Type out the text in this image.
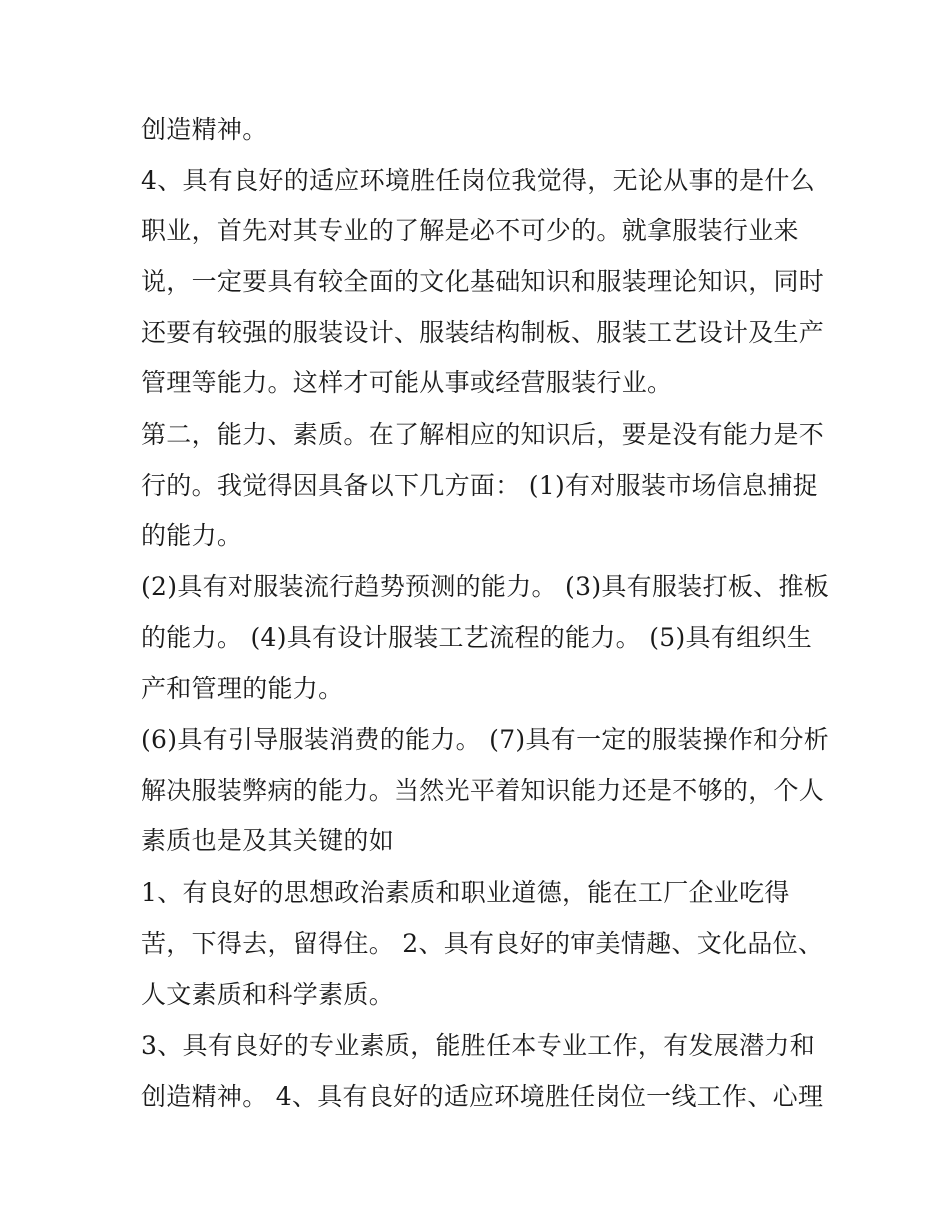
创造精神。
4、具有良好的适应环境胜任岗位我觉得，无论从事的是什么
职业，首先对其专业的了解是必不可少的。就拿服装行业来
说，一定要具有较全面的文化基础知识和服装理论知识，同时
还要有较强的服装设计、服装结构制板、服装工艺设计及生产
管理等能力。这样才可能从事或经营服装行业。
第二，能力、素质。在了解相应的知识后，要是没有能力是不
行的。我觉得因具备以下几方面： (1)有对服装市场信息捕捉
的能力。
(2)具有对服装流行趋势预测的能力。 (3)具有服装打板、推板
的能力。 (4)具有设计服装工艺流程的能力。 (5)具有组织生
产和管理的能力。
(6)具有引导服装消费的能力。 (7)具有一定的服装操作和分析
解决服装弊病的能力。当然光平着知识能力还是不够的，个人
素质也是及其关键的如
1、有良好的思想政治素质和职业道德，能在工厂企业吃得
苦，下得去，留得住。 2、具有良好的审美情趣、文化品位、
人文素质和科学素质。
3、具有良好的专业素质，能胜任本专业工作，有发展潜力和
创造精神。 4、具有良好的适应环境胜任岗位一线工作、心理
